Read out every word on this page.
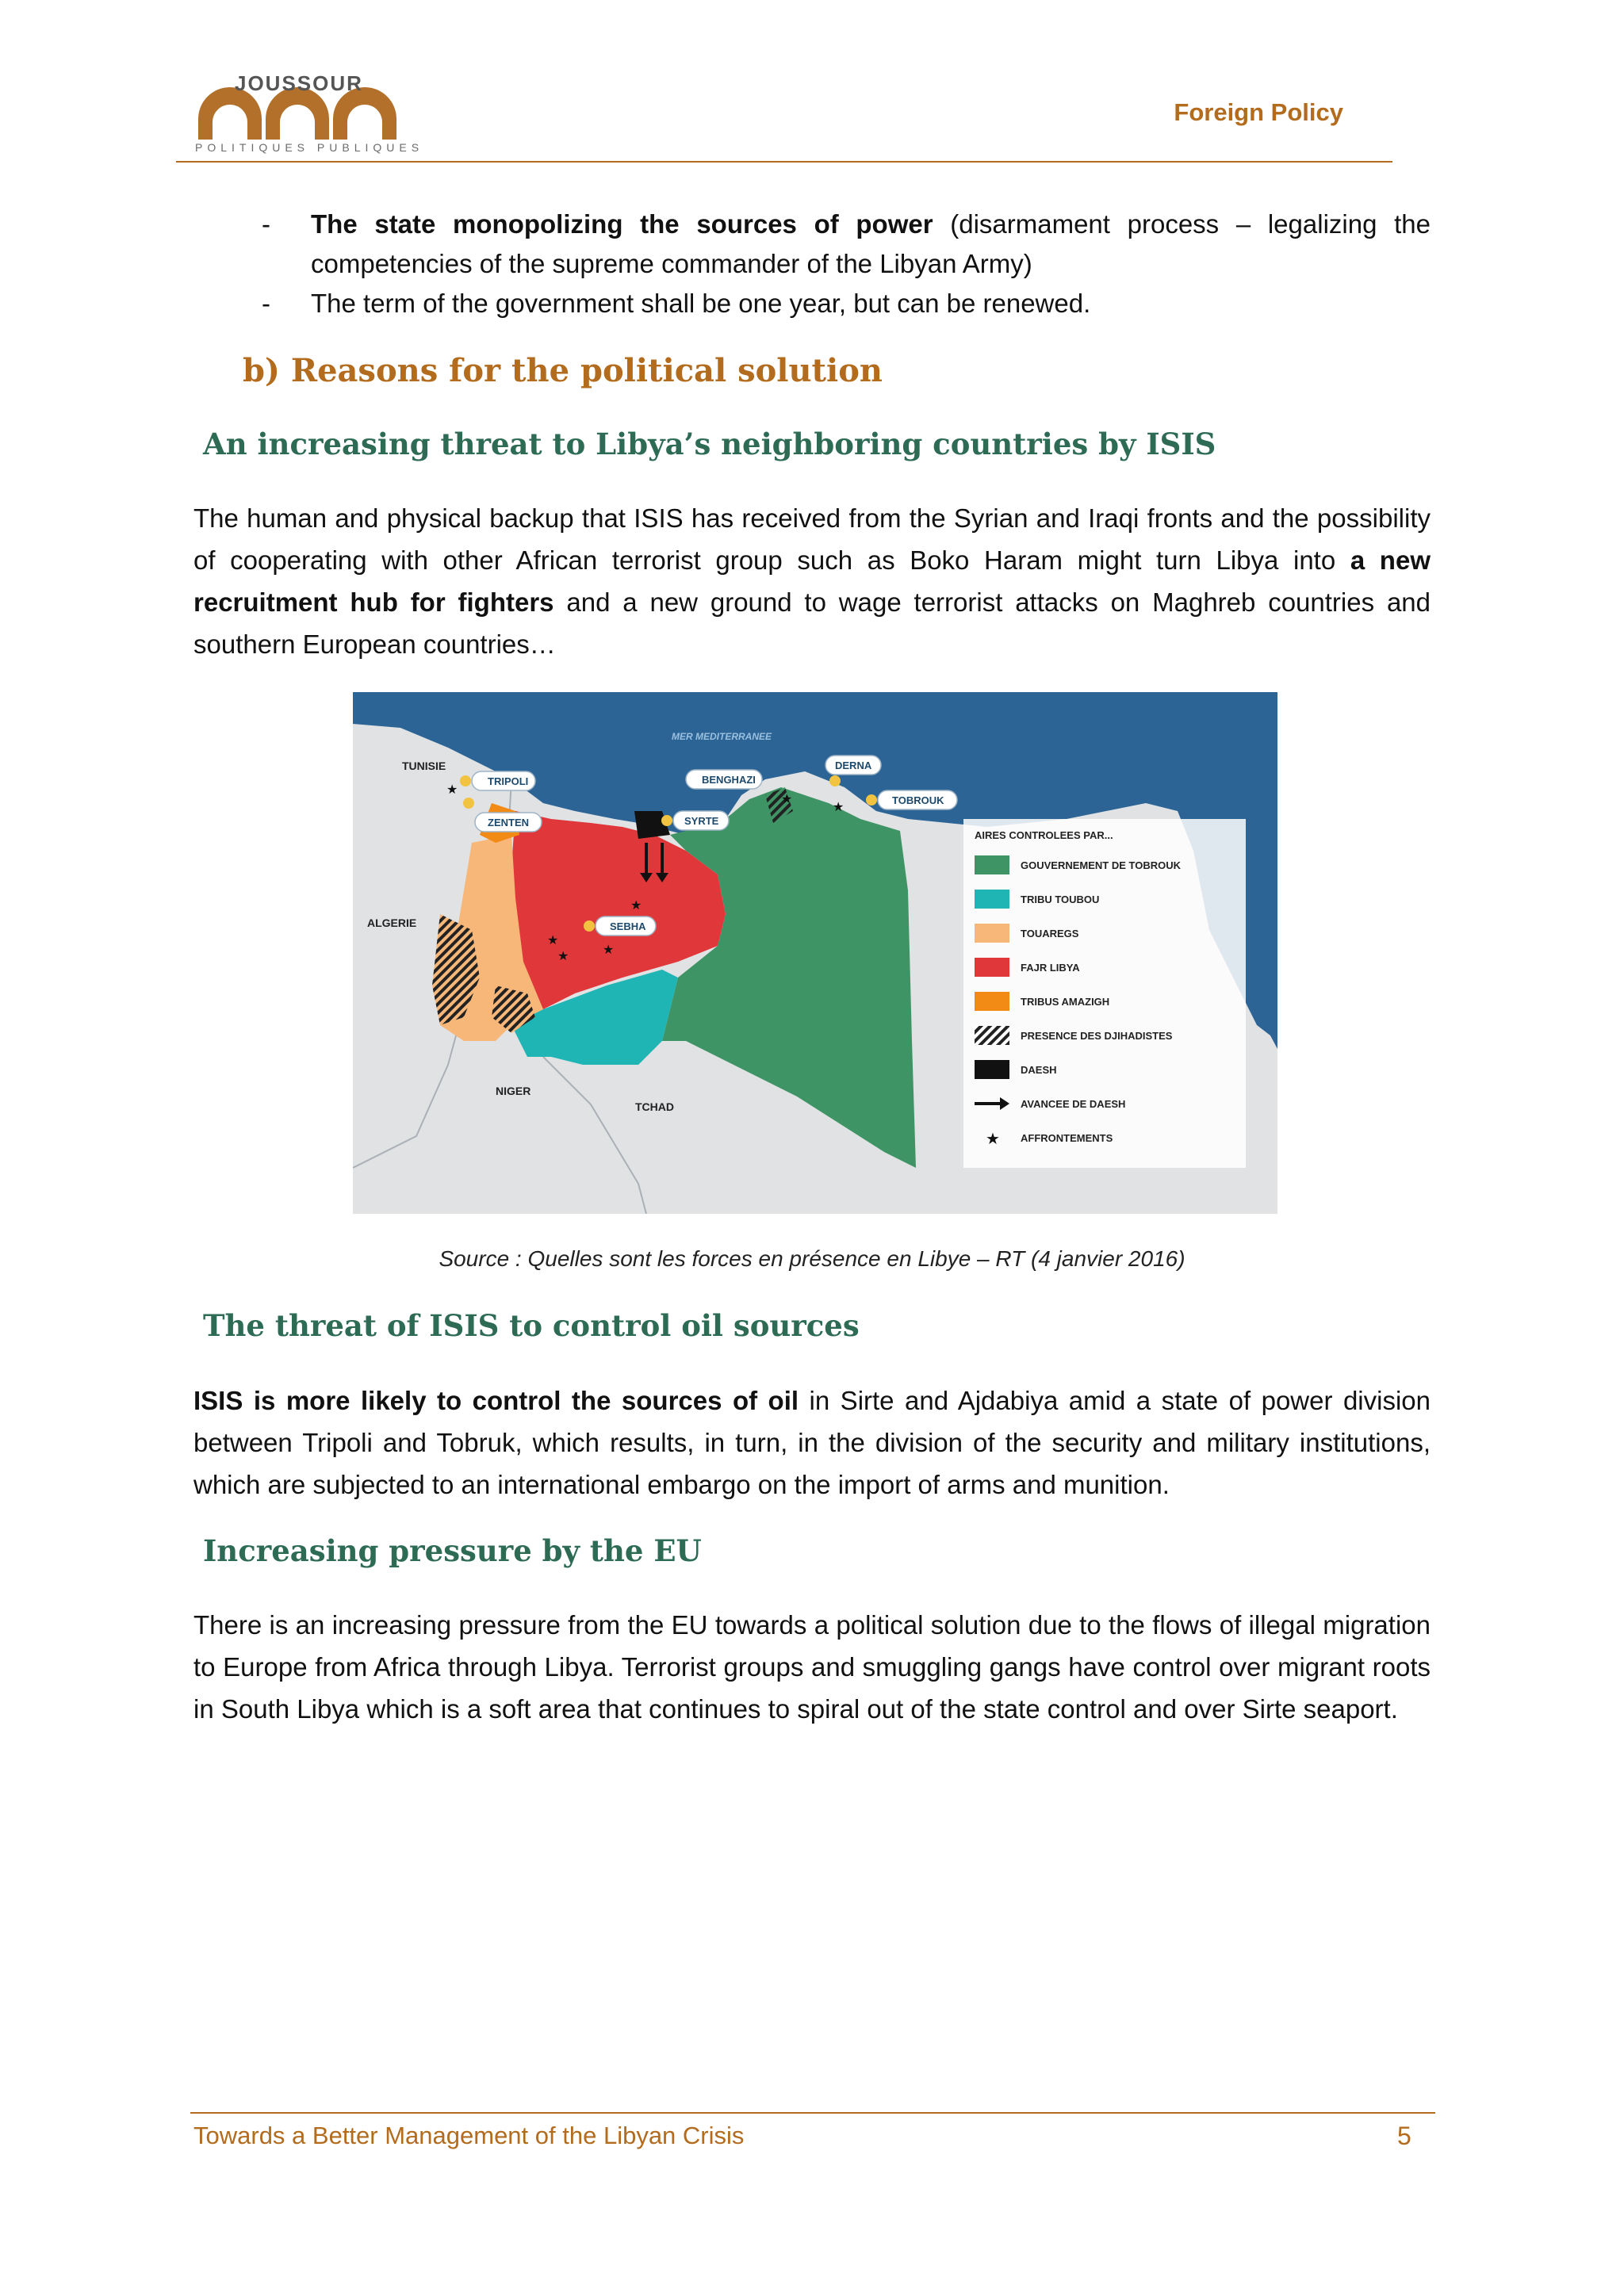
JOUSSOUR
POLITIQUES PUBLIQUES
Foreign Policy
- The state monopolizing the sources of power (disarmament process – legalizing the competencies of the supreme commander of the Libyan Army)
- The term of the government shall be one year, but can be renewed.
b) Reasons for the political solution
An increasing threat to Libya’s neighboring countries by ISIS
The human and physical backup that ISIS has received from the Syrian and Iraqi fronts and the possibility of cooperating with other African terrorist group such as Boko Haram might turn Libya into a new recruitment hub for fighters and a new ground to wage terrorist attacks on Maghreb countries and southern European countries…
★
★
★
★	★
★
★
TUNISIE
ALGERIE
NIGER
TCHAD
MER MEDITERRANEE
TRIPOLI	BENGHAZI
DERNA
TOBROUK
ZENTEN	SYRTE
SEBHA
AIRES CONTROLEES PAR...
GOUVERNEMENT DE TOBROUK
TRIBU TOUBOU
TOUAREGS
FAJR LIBYA
TRIBUS AMAZIGH
PRESENCE DES DJIHADISTES
DAESH
AVANCEE DE DAESH
★ AFFRONTEMENTS
Source : Quelles sont les forces en présence en Libye – RT (4 janvier 2016)
The threat of ISIS to control oil sources
ISIS is more likely to control the sources of oil in Sirte and Ajdabiya amid a state of power division between Tripoli and Tobruk, which results, in turn, in the division of the security and military institutions, which are subjected to an international embargo on the import of arms and munition.
Increasing pressure by the EU
There is an increasing pressure from the EU towards a political solution due to the flows of illegal migration to Europe from Africa through Libya. Terrorist groups and smuggling gangs have control over migrant roots in South Libya which is a soft area that continues to spiral out of the state control and over Sirte seaport.
Towards a Better Management of the Libyan Crisis	5
